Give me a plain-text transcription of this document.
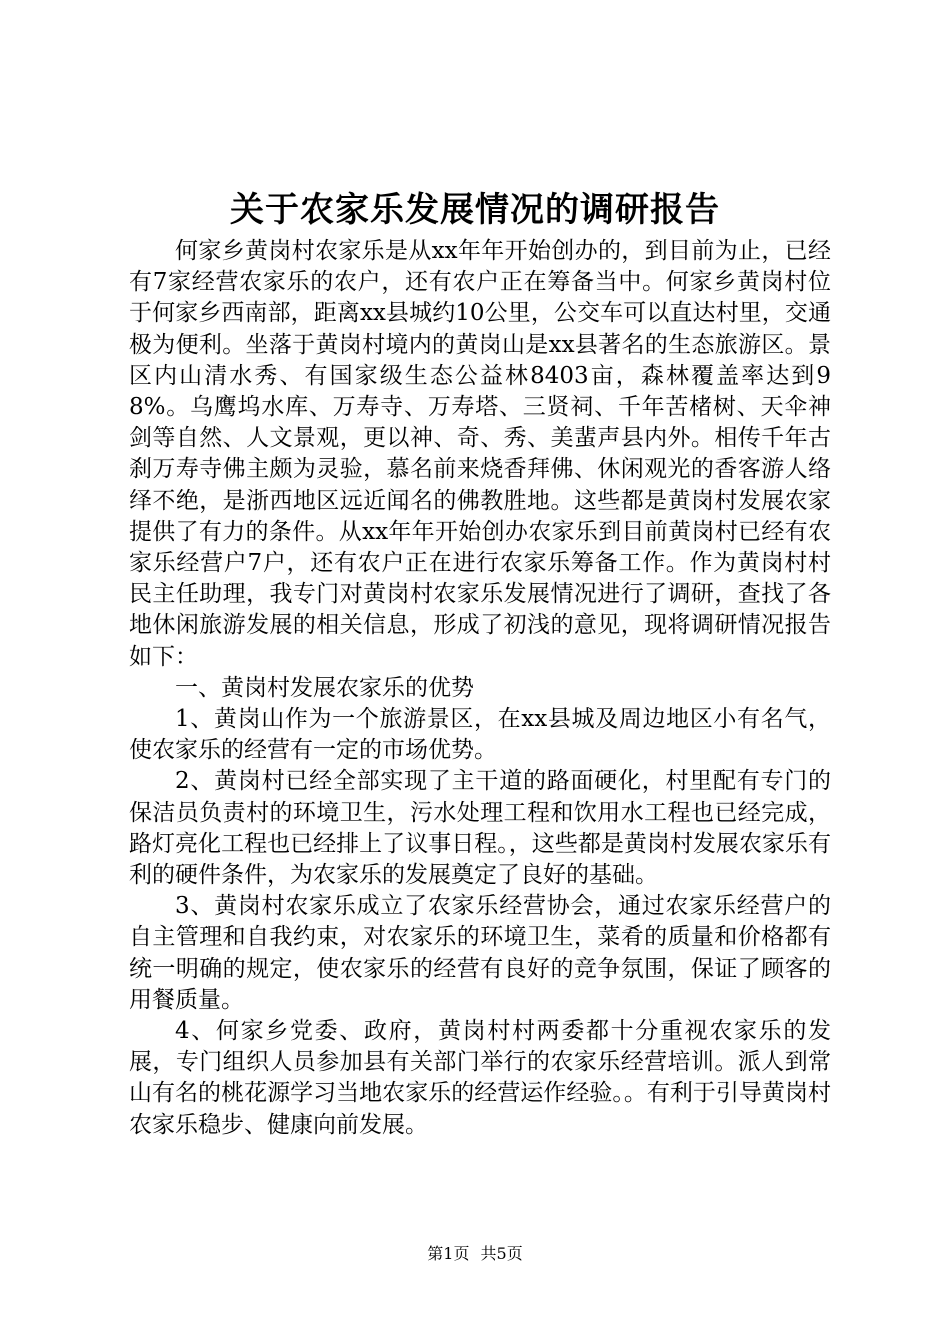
关于农家乐发展情况的调研报告

何家乡黄岗村农家乐是从xx年年开始创办的，到目前为止，已经有7家经营农家乐的农户，还有农户正在筹备当中。何家乡黄岗村位于何家乡西南部，距离xx县城约10公里，公交车可以直达村里，交通极为便利。坐落于黄岗村境内的黄岗山是xx县著名的生态旅游区。景区内山清水秀、有国家级生态公益林8403亩，森林覆盖率达到98%。乌鹰坞水库、万寿寺、万寿塔、三贤祠、千年苦楮树、天伞神剑等自然、人文景观，更以神、奇、秀、美蜚声县内外。相传千年古刹万寿寺佛主颇为灵验，慕名前来烧香拜佛、休闲观光的香客游人络绎不绝，是浙西地区远近闻名的佛教胜地。这些都是黄岗村发展农家提供了有力的条件。从xx年年开始创办农家乐到目前黄岗村已经有农家乐经营户7户，还有农户正在进行农家乐筹备工作。作为黄岗村村民主任助理，我专门对黄岗村农家乐发展情况进行了调研，查找了各地休闲旅游发展的相关信息，形成了初浅的意见，现将调研情况报告如下：

一、黄岗村发展农家乐的优势

1、黄岗山作为一个旅游景区，在xx县城及周边地区小有名气，使农家乐的经营有一定的市场优势。

2、黄岗村已经全部实现了主干道的路面硬化，村里配有专门的保洁员负责村的环境卫生，污水处理工程和饮用水工程也已经完成，路灯亮化工程也已经排上了议事日程。，这些都是黄岗村发展农家乐有利的硬件条件，为农家乐的发展奠定了良好的基础。

3、黄岗村农家乐成立了农家乐经营协会，通过农家乐经营户的自主管理和自我约束，对农家乐的环境卫生，菜肴的质量和价格都有统一明确的规定，使农家乐的经营有良好的竞争氛围，保证了顾客的用餐质量。

4、何家乡党委、政府，黄岗村村两委都十分重视农家乐的发展，专门组织人员参加县有关部门举行的农家乐经营培训。派人到常山有名的桃花源学习当地农家乐的经营运作经验。。有利于引导黄岗村农家乐稳步、健康向前发展。

第1页 共5页
